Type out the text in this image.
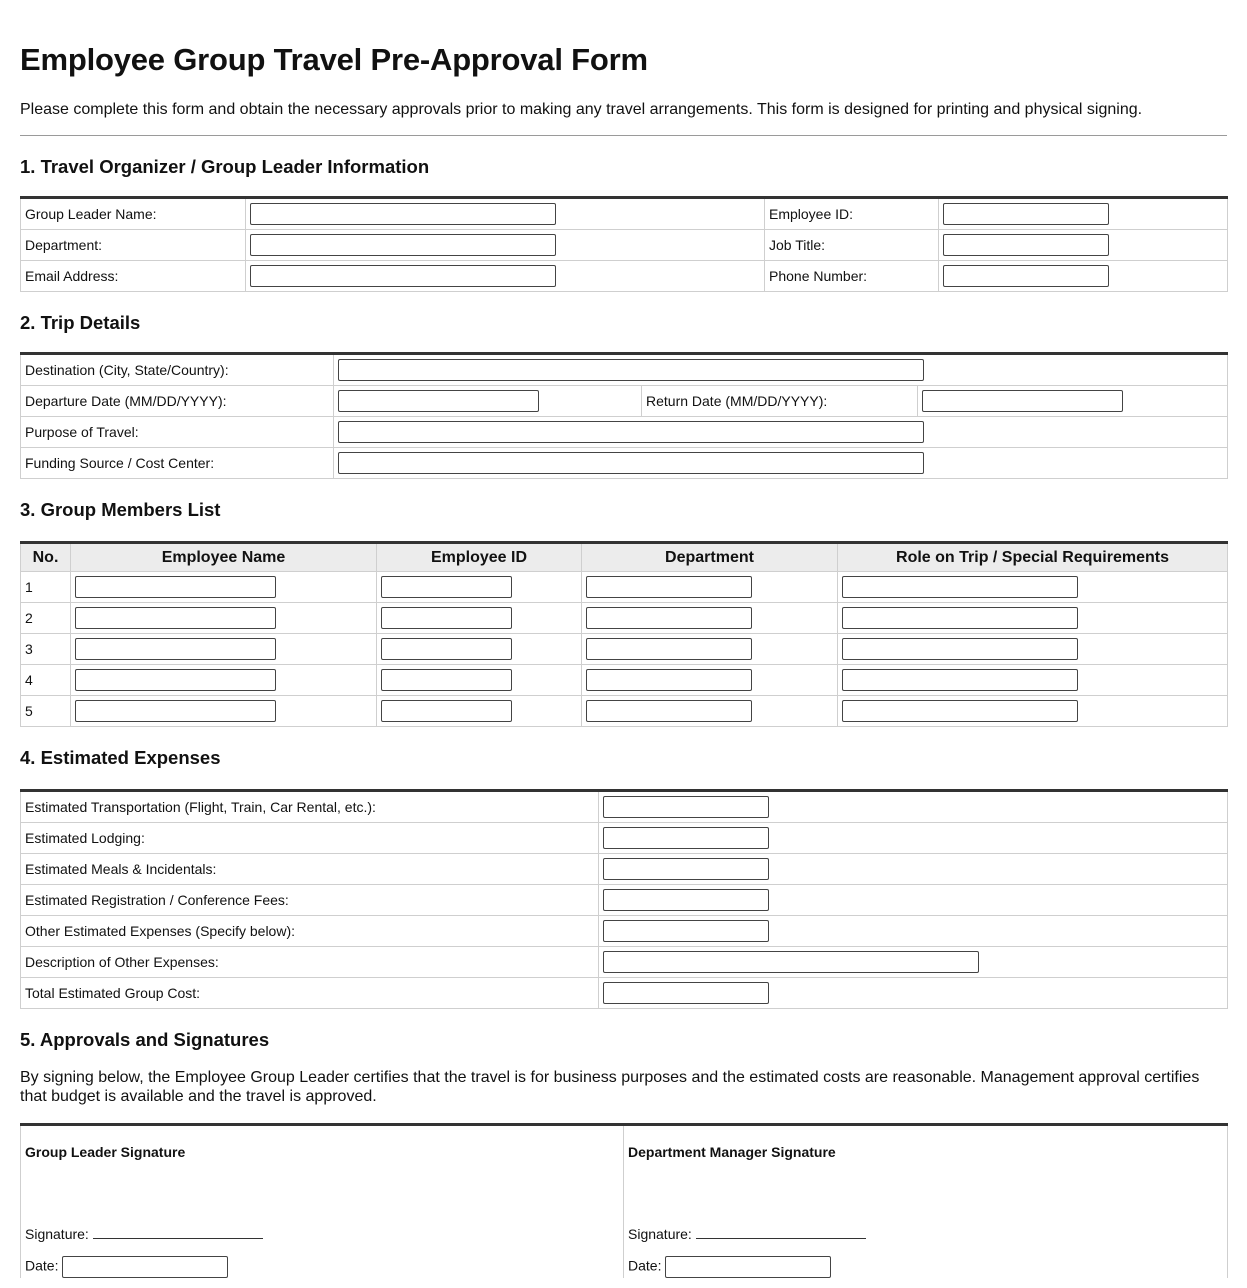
Employee Group Travel Pre-Approval Form
Please complete this form and obtain the necessary approvals prior to making any travel arrangements. This form is designed for printing and physical signing.
1. Travel Organizer / Group Leader Information
Group Leader Name:		Employee ID:	
Department:		Job Title:	
Email Address:		Phone Number:	
2. Trip Details
Destination (City, State/Country):			
Departure Date (MM/DD/YYYY):		Return Date (MM/DD/YYYY):	
Purpose of Travel:			
Funding Source / Cost Center:			
3. Group Members List
No.	Employee Name	Employee ID	Department	Role on Trip / Special Requirements
1				
2				
3				
4				
5				
4. Estimated Expenses
Estimated Transportation (Flight, Train, Car Rental, etc.):	
Estimated Lodging:	
Estimated Meals & Incidentals:	
Estimated Registration / Conference Fees:	
Other Estimated Expenses (Specify below):	
Description of Other Expenses:	
Total Estimated Group Cost:	
5. Approvals and Signatures
By signing below, the Employee Group Leader certifies that the travel is for business purposes and the estimated costs are reasonable. Management approval certifies that budget is available and the travel is approved.
Group Leader Signature
Signature:
Date:

Department Manager Signature
Signature:
Date:
